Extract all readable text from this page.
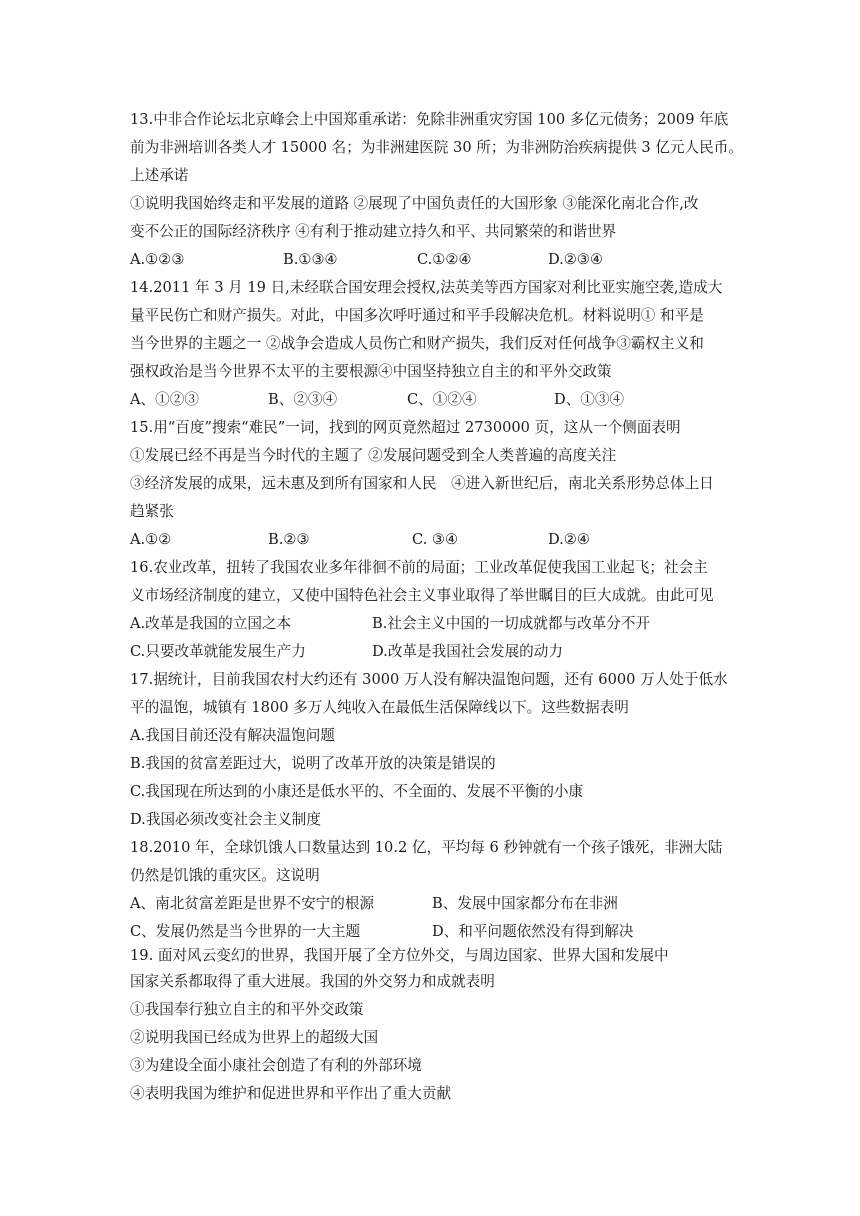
13.中非合作论坛北京峰会上中国郑重承诺：免除非洲重灾穷国 100 多亿元债务；2009 年底
前为非洲培训各类人才 15000 名；为非洲建医院 30 所；为非洲防治疾病提供 3 亿元人民币。
上述承诺
①说明我国始终走和平发展的道路 ②展现了中国负责任的大国形象 ③能深化南北合作,改
变不公正的国际经济秩序 ④有利于推动建立持久和平、共同繁荣的和谐世界
A.①②③	B.①③④	C.①②④	D.②③④
14.2011 年 3 月 19 日,未经联合国安理会授权,法英美等西方国家对利比亚实施空袭,造成大
量平民伤亡和财产损失。对此，中国多次呼吁通过和平手段解决危机。材料说明① 和平是
当今世界的主题之一 ②战争会造成人员伤亡和财产损失，我们反对任何战争③霸权主义和
强权政治是当今世界不太平的主要根源④中国坚持独立自主的和平外交政策
A、①②③	B、②③④	C、①②④	D、①③④
15.用“百度”搜索“难民”一词，找到的网页竟然超过 2730000 页，这从一个侧面表明
①发展已经不再是当今时代的主题了 ②发展问题受到全人类普遍的高度关注
③经济发展的成果，远未惠及到所有国家和人民　④进入新世纪后，南北关系形势总体上日
趋紧张
A.①②	B.②③	C. ③④	D.②④
16.农业改革，扭转了我国农业多年徘徊不前的局面；工业改革促使我国工业起飞；社会主
义市场经济制度的建立，又使中国特色社会主义事业取得了举世瞩目的巨大成就。由此可见
A.改革是我国的立国之本	B.社会主义中国的一切成就都与改革分不开
C.只要改革就能发展生产力	D.改革是我国社会发展的动力
17.据统计，目前我国农村大约还有 3000 万人没有解决温饱问题，还有 6000 万人处于低水
平的温饱，城镇有 1800 多万人纯收入在最低生活保障线以下。这些数据表明
A.我国目前还没有解决温饱问题
B.我国的贫富差距过大，说明了改革开放的决策是错误的
C.我国现在所达到的小康还是低水平的、不全面的、发展不平衡的小康
D.我国必须改变社会主义制度
18.2010 年，全球饥饿人口数量达到 10.2 亿，平均每 6 秒钟就有一个孩子饿死，非洲大陆
仍然是饥饿的重灾区。这说明
A、南北贫富差距是世界不安宁的根源	B、发展中国家都分布在非洲
C、发展仍然是当今世界的一大主题	D、和平问题依然没有得到解决
19. 面对风云变幻的世界，我国开展了全方位外交，与周边国家、世界大国和发展中
国家关系都取得了重大进展。我国的外交努力和成就表明
①我国奉行独立自主的和平外交政策
②说明我国已经成为世界上的超级大国
③为建设全面小康社会创造了有利的外部环境
④表明我国为维护和促进世界和平作出了重大贡献
